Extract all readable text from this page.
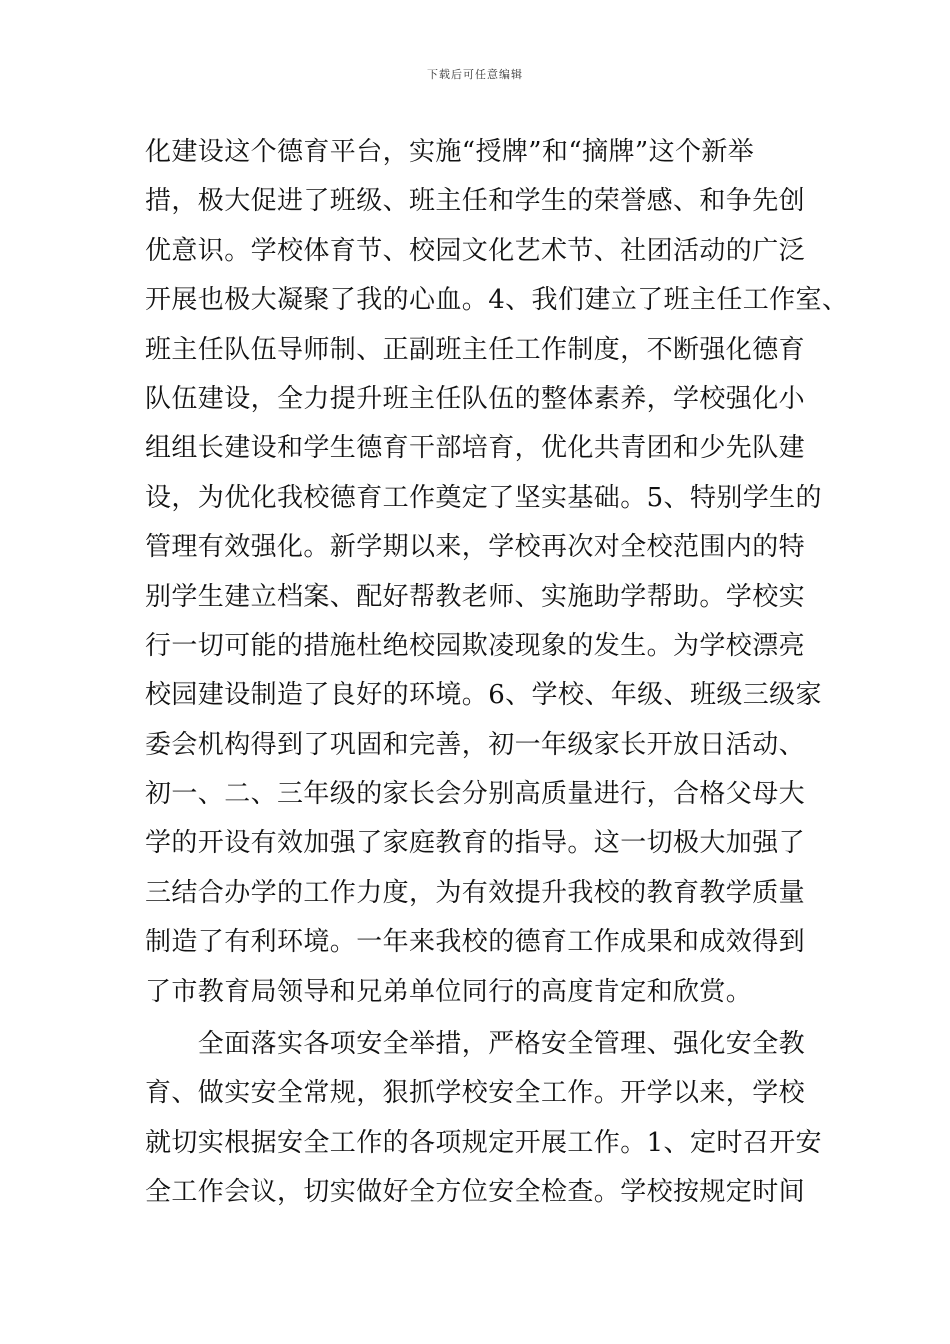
下载后可任意编辑
化建设这个德育平台，实施“授牌”和“摘牌”这个新举
措，极大促进了班级、班主任和学生的荣誉感、和争先创
优意识。学校体育节、校园文化艺术节、社团活动的广泛
开展也极大凝聚了我的心血。4、我们建立了班主任工作室、
班主任队伍导师制、正副班主任工作制度，不断强化德育
队伍建设，全力提升班主任队伍的整体素养，学校强化小
组组长建设和学生德育干部培育，优化共青团和少先队建
设，为优化我校德育工作奠定了坚实基础。5、特别学生的
管理有效强化。新学期以来，学校再次对全校范围内的特
别学生建立档案、配好帮教老师、实施助学帮助。学校实
行一切可能的措施杜绝校园欺凌现象的发生。为学校漂亮
校园建设制造了良好的环境。6、学校、年级、班级三级家
委会机构得到了巩固和完善，初一年级家长开放日活动、
初一、二、三年级的家长会分别高质量进行，合格父母大
学的开设有效加强了家庭教育的指导。这一切极大加强了
三结合办学的工作力度，为有效提升我校的教育教学质量
制造了有利环境。一年来我校的德育工作成果和成效得到
了市教育局领导和兄弟单位同行的高度肯定和欣赏。
　　全面落实各项安全举措，严格安全管理、强化安全教
育、做实安全常规，狠抓学校安全工作。开学以来，学校
就切实根据安全工作的各项规定开展工作。1、定时召开安
全工作会议，切实做好全方位安全检查。学校按规定时间
